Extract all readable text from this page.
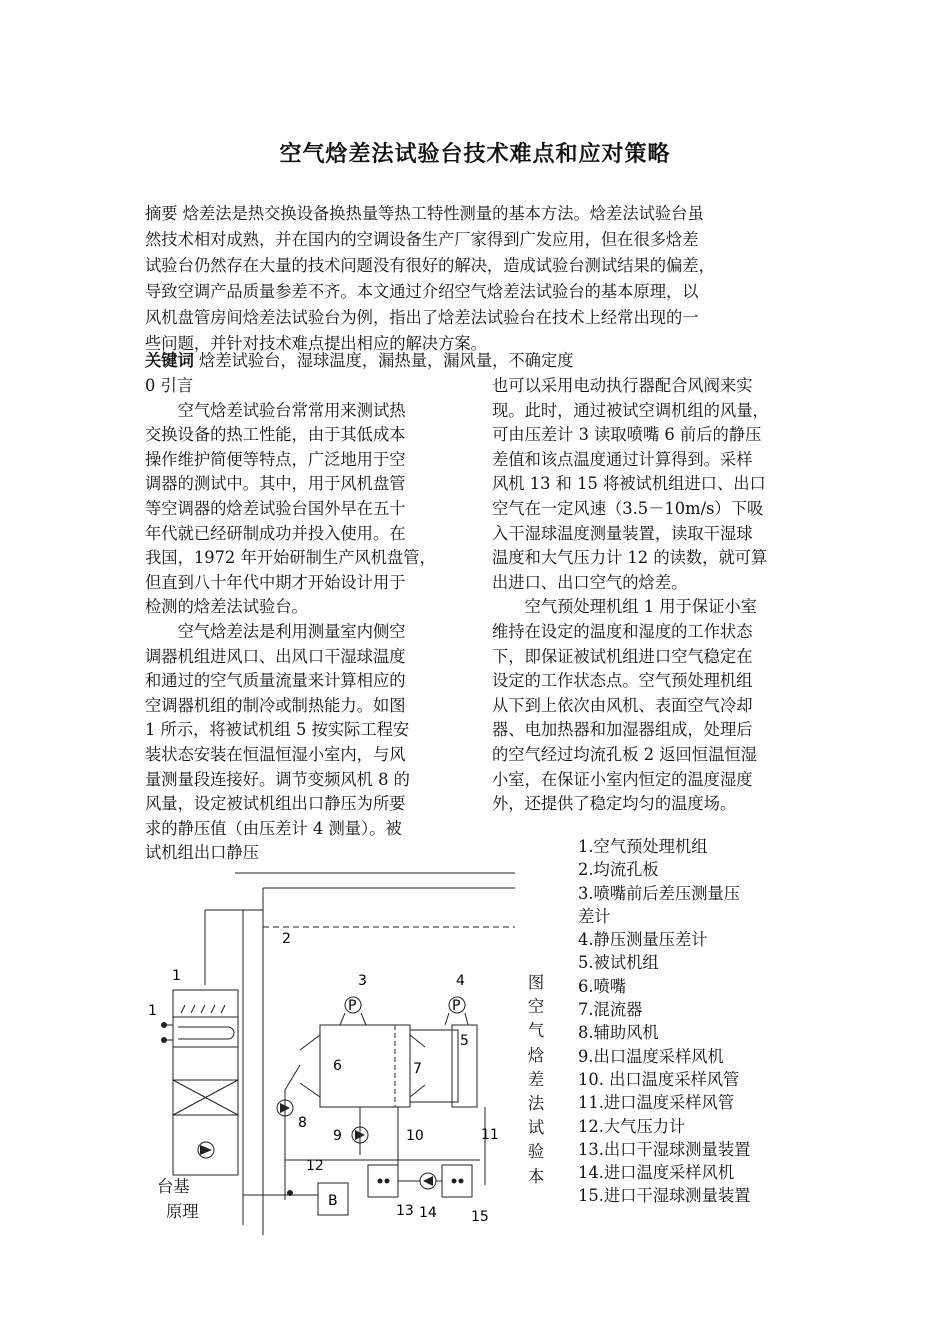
空气焓差法试验台技术难点和应对策略
摘要 焓差法是热交换设备换热量等热工特性测量的基本方法。焓差法试验台虽
然技术相对成熟，并在国内的空调设备生产厂家得到广发应用，但在很多焓差
试验台仍然存在大量的技术问题没有很好的解决，造成试验台测试结果的偏差，
导致空调产品质量参差不齐。本文通过介绍空气焓差法试验台的基本原理，以
风机盘管房间焓差法试验台为例，指出了焓差法试验台在技术上经常出现的一
些问题，并针对技术难点提出相应的解决方案。
关键词 焓差试验台，湿球温度，漏热量，漏风量，不确定度
0 引言
空气焓差试验台常常用来测试热
交换设备的热工性能，由于其低成本
操作维护简便等特点，广泛地用于空
调器的测试中。其中，用于风机盘管
等空调器的焓差试验台国外早在五十
年代就已经研制成功并投入使用。在
我国，1972 年开始研制生产风机盘管，
但直到八十年代中期才开始设计用于
检测的焓差法试验台。
空气焓差法是利用测量室内侧空
调器机组进风口、出风口干湿球温度
和通过的空气质量流量来计算相应的
空调器机组的制冷或制热能力。如图
1 所示，将被试机组 5 按实际工程安
装状态安装在恒温恒湿小室内，与风
量测量段连接好。调节变频风机 8 的
风量，设定被试机组出口静压为所要
求的静压值（由压差计 4 测量）。被
试机组出口静压
也可以采用电动执行器配合风阀来实
现。此时，通过被试空调机组的风量，
可由压差计 3 读取喷嘴 6 前后的静压
差值和该点温度通过计算得到。采样
风机 13 和 15 将被试机组进口、出口
空气在一定风速（3.5－10m/s）下吸
入干湿球温度测量装置，读取干湿球
温度和大气压力计 12 的读数，就可算
出进口、出口空气的焓差。
空气预处理机组 1 用于保证小室
维持在设定的温度和湿度的工作状态
下，即保证被试机组进口空气稳定在
设定的工作状态点。空气预处理机组
从下到上依次由风机、表面空气冷却
器、电加热器和加湿器组成，处理后
的空气经过均流孔板 2 返回恒温恒湿
小室，在保证小室内恒定的温度湿度
外，还提供了稳定均匀的温度场。
1.空气预处理机组
2.均流孔板
3.喷嘴前后差压测量压
差计
4.静压测量压差计
5.被试机组
6.喷嘴
7.混流器
8.辅助风机
9.出口温度采样风机
10. 出口温度采样风管
11.进口温度采样风管
12.大气压力计
13.出口干湿球测量装置
14.进口温度采样风机
15.进口干湿球测量装置
图
空
气
焓
差
法
试
验
本
台基
原理
P	P
B
1
1
2
3	4
5
6	7
8
9	10	11
12
13 14 15
